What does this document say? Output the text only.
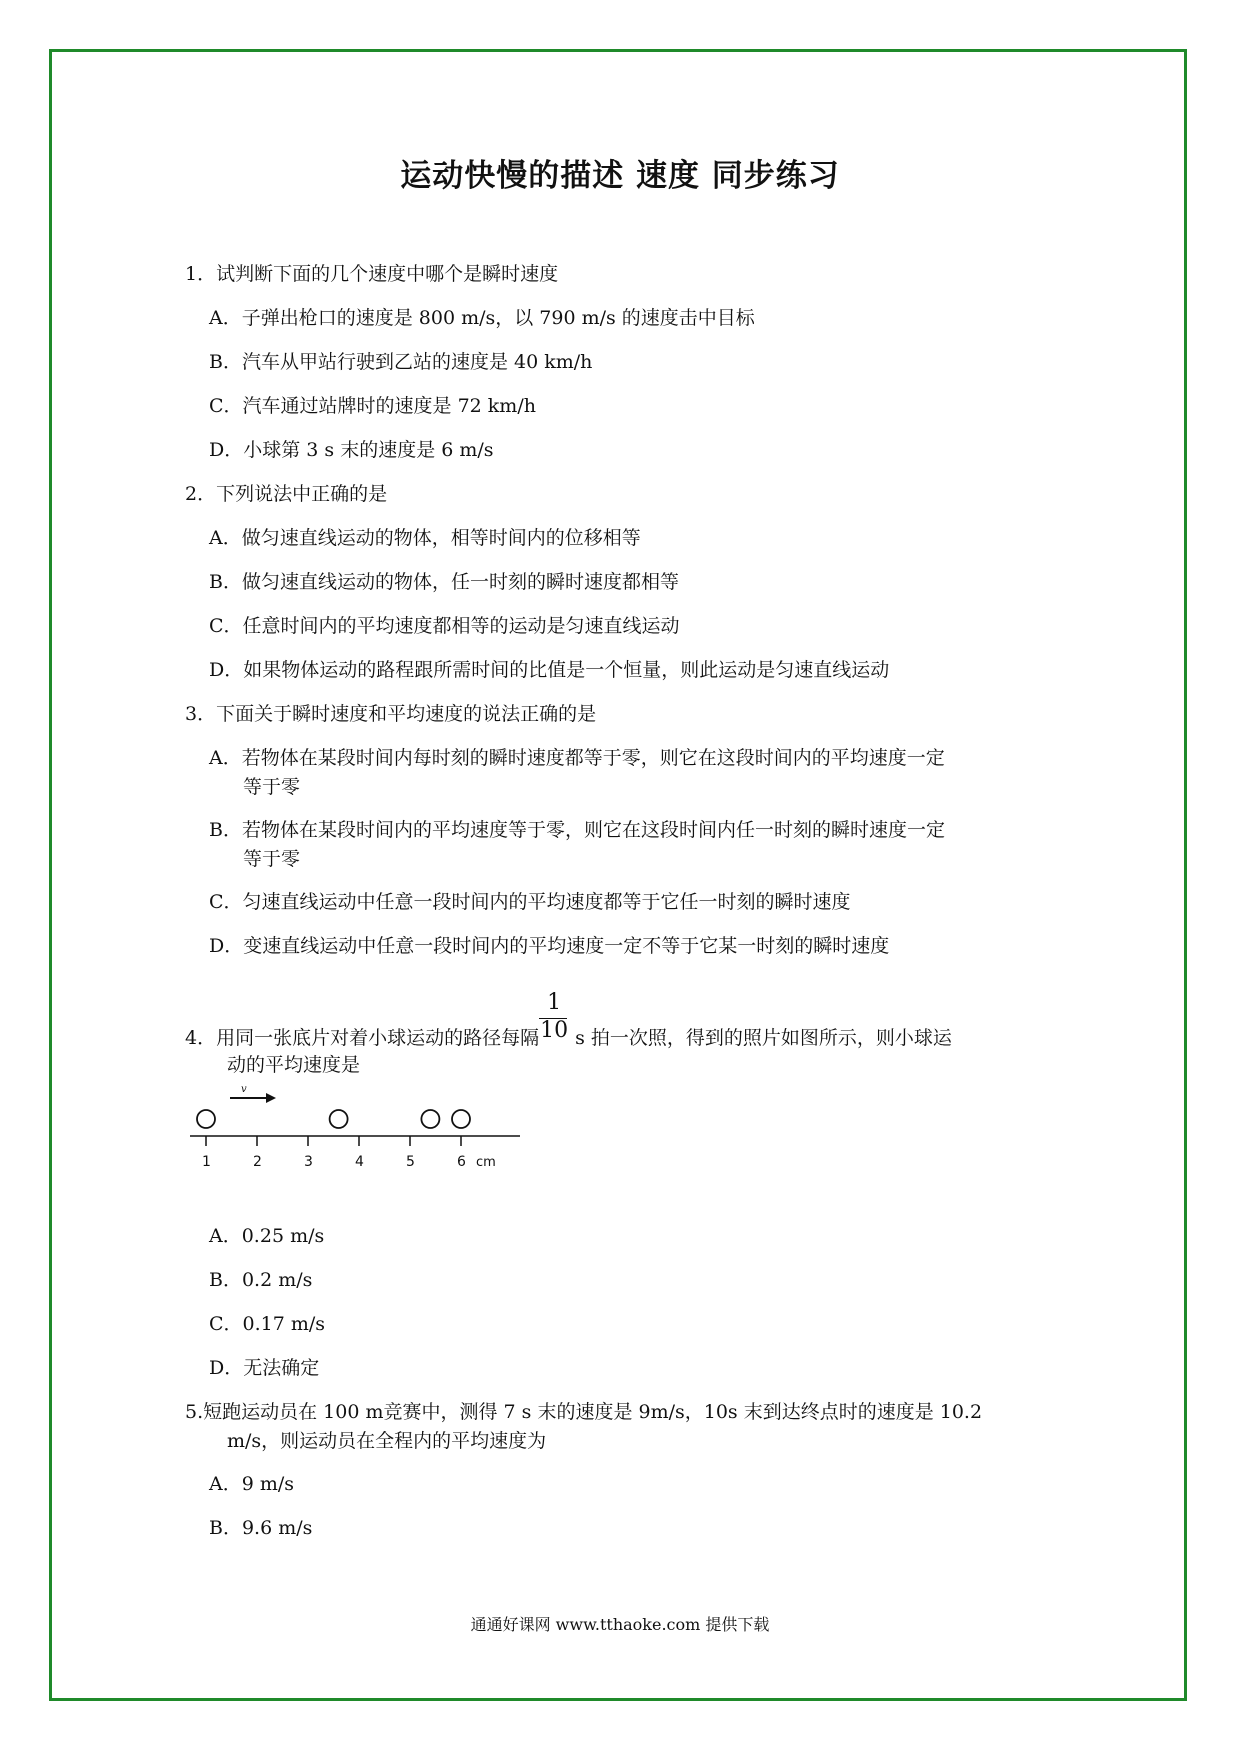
运动快慢的描述 速度 同步练习
1．试判断下面的几个速度中哪个是瞬时速度
A．子弹出枪口的速度是 800 m/s，以 790 m/s 的速度击中目标
B．汽车从甲站行驶到乙站的速度是 40 km/h
C．汽车通过站牌时的速度是 72 km/h
D．小球第 3 s 末的速度是 6 m/s
2．下列说法中正确的是
A．做匀速直线运动的物体，相等时间内的位移相等
B．做匀速直线运动的物体，任一时刻的瞬时速度都相等
C．任意时间内的平均速度都相等的运动是匀速直线运动
D．如果物体运动的路程跟所需时间的比值是一个恒量，则此运动是匀速直线运动
3．下面关于瞬时速度和平均速度的说法正确的是
A．若物体在某段时间内每时刻的瞬时速度都等于零，则它在这段时间内的平均速度一定
等于零
B．若物体在某段时间内的平均速度等于零，则它在这段时间内任一时刻的瞬时速度一定
等于零
C．匀速直线运动中任意一段时间内的平均速度都等于它任一时刻的瞬时速度
D．变速直线运动中任意一段时间内的平均速度一定不等于它某一时刻的瞬时速度
4．用同一张底片对着小球运动的路径每隔 $\frac{1}{10}$ s 拍一次照，得到的照片如图所示，则小球运
动的平均速度是
v
1	2	3	4	5	6 cm
A．0.25 m/s
B．0.2 m/s
C．0.17 m/s
D．无法确定
5.短跑运动员在 100 m竞赛中，测得 7 s 末的速度是 9m/s，10s 末到达终点时的速度是 10.2
m/s，则运动员在全程内的平均速度为
A．9 m/s
B．9.6 m/s
通通好课网 www.tthaoke.com 提供下载
